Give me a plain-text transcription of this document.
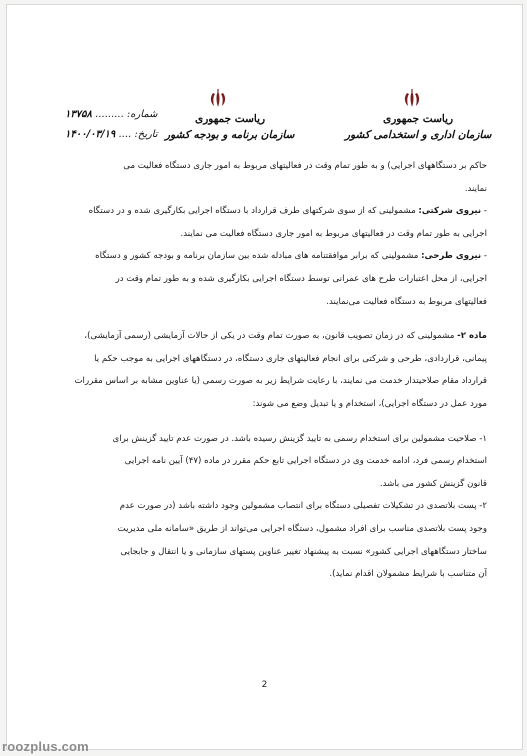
ریاست جمهوری
سازمان اداری و استخدامی کشور
ریاست جمهوری
سازمان برنامه و بودجه کشور
شماره: ......... ۱۳۷۵۸
تاریخ: .... ۱۴۰۰/۰۳/۱۹
حاکم بر دستگاههای اجرایی) و به طور تمام وقت در فعالیتهای مربوط به امور جاری دستگاه فعالیت می
نمایند.
- نیروی شرکتی: مشمولینی که از سوی شرکتهای طرف قرارداد با دستگاه اجرایی بکارگیری شده و در دستگاه
اجرایی به طور تمام وقت در فعالیتهای مربوط به امور جاری دستگاه فعالیت می نمایند.
- نیروی طرحی: مشمولینی که برابر موافقتنامه های مبادله شده بین سازمان برنامه و بودجه کشور و دستگاه
اجرایی، از محل اعتبارات طرح های عمرانی توسط دستگاه اجرایی بکارگیری شده و به طور تمام وقت در
فعالیتهای مربوط به دستگاه فعالیت می‌نمایند.
ماده ۲- مشمولینی که در زمان تصویب قانون، به صورت تمام وقت در یکی از حالات آزمایشی (رسمی آزمایشی)،
پیمانی، قراردادی، طرحی و شرکتی برای انجام فعالیتهای جاری دستگاه، در دستگاههای اجرایی به موجب حکم یا
قرارداد مقام صلاحیتدار خدمت می نمایند، با رعایت شرایط زیر به صورت رسمی (یا عناوین مشابه بر اساس مقررات
مورد عمل در دستگاه اجرایی)، استخدام و یا تبدیل وضع می شوند:
۱- صلاحیت مشمولین برای استخدام رسمی به تایید گزینش رسیده باشد. در صورت عدم تایید گزینش برای
استخدام رسمی فرد، ادامه خدمت وی در دستگاه اجرایی تابع حکم مقرر در ماده (۴۷) آیین نامه اجرایی
قانون گزینش کشور می باشد.
۲- پست بلاتصدی در تشکیلات تفصیلی دستگاه برای انتصاب مشمولین وجود داشته باشد (در صورت عدم
وجود پست بلاتصدی مناسب برای افراد مشمول، دستگاه اجرایی می‌تواند از طریق «سامانه ملی مدیریت
ساختار دستگاههای اجرایی کشور» نسبت به پیشنهاد تغییر عناوین پستهای سازمانی و یا انتقال و جابجایی
آن متناسب با شرایط مشمولان اقدام نماید).
2
roozplus.com
